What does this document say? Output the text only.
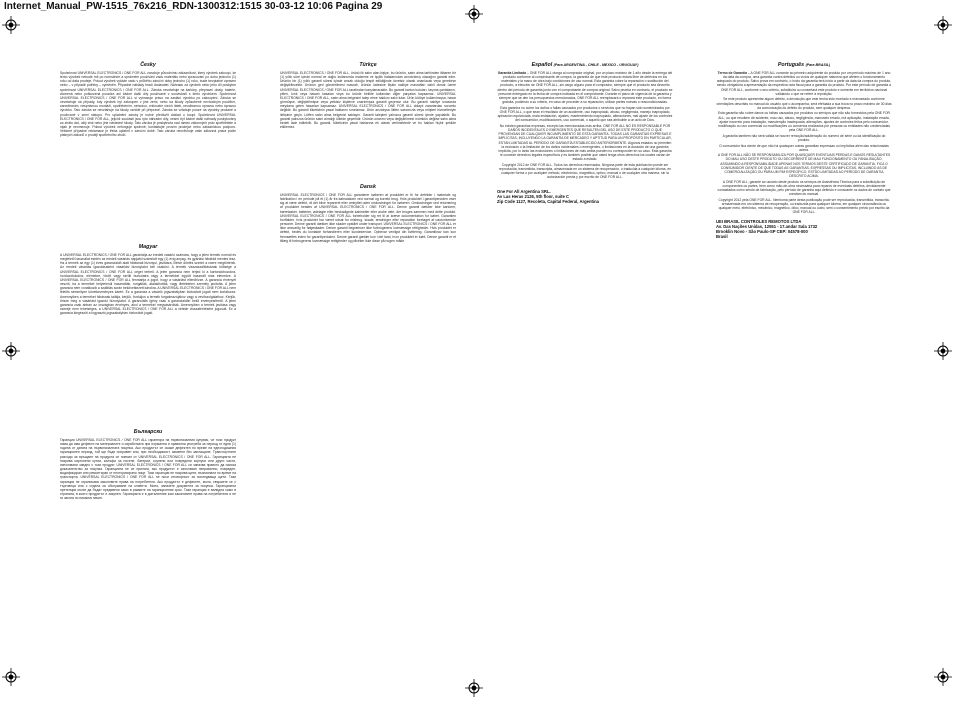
Internet_Manual_PW-1515_76x216_RDN-1300312:1515 30-03-12 10:06 Pagina 29
Česky

Společnost UNIVERSAL ELECTRONICS / ONE FOR ALL zaručuje původnímu zákazníkovi, který výrobek zakoupí, že tento výrobek nebude mít po normálním a správném používání vadu materiálu nebo zpracování po dobu jednoho (1) roku od data prodeje. Pokud výrobek vykáže vadu v průběhu záruční doby jednoho (1) roku, bude bezplatně opraven nebo – v případě potřeby – vyměněn. Případné náklady hradí dodavatel. Náhradu za výrobek nebo jeho díl poskytne společnost UNIVERSAL ELECTRONICS / ONE FOR ALL. Záruka nevztahuje na kartóny, přepravní obaly, baterie, zlomená nebo poškozená pouzdra ani žádné další díly používané v souvislosti s tímto výrobkem. Společnost UNIVERSAL ELECTRONICS / ONE FOR ALL si vyhrazuje právo na zaslání výrobku po zakoupení. Záruka se nevztahuje na případy, kdy výrobek byl zakoupen v jiné zemi, nebo na škody způsobené nevhodným použitím, zanedbáním, nesprávnou montáží, opotřebením, nehodou, vniknutím cizích látek, neodbornou opravou nebo úpravou výrobku. Tato záruka se nevztahuje na škody vzniklé při přepravě. Záruka se vztahuje pouze na výrobky prodané a používané v zemi nákupu. Pro uplatnění záruky je nutné předložit doklad o koupi. Společnost UNIVERSAL ELECTRONICS / ONE FOR ALL, jejichž součástí jsou tyto náhradní díly, nesmí být žádné další náhrady poskytovány za ztrátu dat, ušlý zisk nebo jiné následné škody. Tato záruka je poskytnuta nad rámec zákonných práv spotřebitele a nijak je neomezuje. Pokud výrobek nefunguje správně, kontaktujte prosím prodejce nebo zákaznickou podporu. Veškeré případné reklamace je třeba uplatnit v záruční době. Tato záruka neovlivňuje vaše zákonná práva podle platných zákonů o prodeji spotřebního zboží.

Magyar

A UNIVERSAL ELECTRONICS / ONE FOR ALL garantálja az eredeti vásárló számára, hogy a jelen termék normál és megfelelő használat esetén az eredeti vásárlás napjától számított egy (1) évig anyag- és gyártási hibáktól mentes lesz. Ha a termék az egy (1) éves garanciaidő alatt hibásnak bizonyul, javításra, illetve döntés szerint a csere megtörténik. Az eredeti vásárlás igazolásaként vásárlási bizonylatot kell csatolni. A termék visszaszállításának költsége a UNIVERSAL ELECTRONICS / ONE FOR ALL céget terheli. A jelen garancia nem terjed ki a kartondobozokra, hordozótokokra, elemekre, törött vagy sérült burkolatra vagy a termékkel együtt használt más elemekre. A UNIVERSAL ELECTRONICS / ONE FOR ALL fenntartja a jogot, hogy a vásárlást ellenőrizze. A garancia érvényét veszíti, ha a terméket helytelenül használták, rongálták, átalakították, vagy illetéktelen személy javította. A jelen garancia nem vonatkozik a szállítás során bekövetkezett károkra. A UNIVERSAL ELECTRONICS / ONE FOR ALL nem felelős semmilyen következményes kárért. Ez a garancia a vásárló jogszabályban biztosított jogait nem korlátozza. Amennyiben a terméket hibásnak találja, kérjük, forduljon a termék forgalmazójához vagy a vevőszolgálathoz. Kérjük, őrizze meg a vásárlást igazoló bizonylatot. A garanciális igény csak a garanciaidőn belül érvényesíthető. A jelen garancia csak abban az országban érvényes, ahol a terméket megvásárolták. Amennyiben a termék javítása vagy cseréje nem lehetséges, a UNIVERSAL ELECTRONICS / ONE FOR ALL a vételár visszatérítésére jogosult. Ez a garancia kiegészíti a fogyasztó jogszabályban biztosított jogait.

Български

Гаранция UNIVERSAL ELECTRONICS / ONE FOR ALL гарантира на първоначалния купувач, че този продукт няма да има дефекти на материалите и изработката при нормална и правилна употреба за период от една (1) година от датата на първоначалната покупка. Ако продуктът се окаже дефектен по време на едногодишния гаранционен период, той ще бъде поправен или, при необходимост, заменен без заплащане. Транспортните разходи за връщане на продукта се поемат от UNIVERSAL ELECTRONICS / ONE FOR ALL. Гаранцията не покрива картонени кутии, калъфи за носене, батерии, счупени или повредени корпуси или други части, използвани заедно с този продукт. UNIVERSAL ELECTRONICS / ONE FOR ALL си запазва правото да изиска доказателство за покупка. Гаранцията не се прилага, ако продуктът е използван неправилно, повреден, модифициран или ремонтиран от неоторизирано лице. Тази гаранция не покрива щети, възникнали по време на транспорта. UNIVERSAL ELECTRONICS / ONE FOR ALL не носи отговорност за последващи щети. Тази гаранция не ограничава законовите права на потребителя. Ако продуктът е дефектен, моля, свържете се с търговеца или с отдела за обслужване на клиенти. Моля, запазете документа за покупка. Гаранционни претенции могат да бъдат предявени само в рамките на гаранционния срок. Тази гаранция е валидна само в страната, в която продуктът е закупен. Гаранцията е в допълнение към законовите права на потребителя и не ги засяга по никакъв начин.

Türkçe

UNIVERSAL ELECTRONICS / ONE FOR ALL, ürünü ilk satın alan kişiye, bu ürünün, satın alma tarihinden itibaren bir (1) yıllık süre içinde normal ve doğru kullanımda malzeme ve işçilik hatalarından arındırılmış olacağını garanti eder. Ürünün bir (1) yıllık garanti süresi içinde arızalı olduğu tespit edildiğinde ücretsiz olarak onarılacak veya gerekirse değiştirilecektir. Ürünün geri gönderilmesi masrafı, ürünün iadesine ilişkin nakliye masrafları dahil olmak üzere UNIVERSAL ELECTRONICS / ONE FOR ALL tarafından karşılanacaktır. Bu garanti karton kutuları, taşıma çantalarını, pilleri, kırık veya hasarlı kasaları veya bu ürünle birlikte kullanılan diğer parçaları kapsamaz. UNIVERSAL ELECTRONICS / ONE FOR ALL, satın alma belgesini talep etme hakkını saklı tutar. Ürün kötüye kullanılmışsa, hasar görmüşse, değiştirilmişse veya yetkisiz kişilerce onarılmışsa garanti geçersiz olur. Bu garanti nakliye sırasında meydana gelen hasarları kapsamaz. UNIVERSAL ELECTRONICS / ONE FOR ALL dolaylı zararlardan sorumlu değildir. Bu garanti tüketicinin yasal haklarını sınırlamaz. Ürün arızalıysa lütfen satıcınızla veya müşteri hizmetleriyle iletişime geçin. Lütfen satın alma belgenizi saklayın. Garanti talepleri yalnızca garanti süresi içinde yapılabilir. Bu garanti yalnızca ürünün satın alındığı ülkede geçerlidir. Ürünün onarımı veya değiştirilmesi mümkün değilse satın alma bedeli iade edilebilir. Bu garanti, tüketicinin yasal haklarına ek olarak verilmektedir ve bu hakları hiçbir şekilde etkilemez.

Dansk

UNIVERSAL ELECTRONICS / ONE FOR ALL garanterer køberen at produktet er fri for defekter i materiale og fabrikation i en periode på ét (1) år fra købsdatoen ved normal og korrekt brug. Hvis produktet i garantiperioden viser sig at være defekt, vil det blive repareret eller ombyttet uden omkostninger for køberen. Omkostninger ved returnering af produktet betales af UNIVERSAL ELECTRONICS / ONE FOR ALL. Denne garanti dækker ikke kartoner, bæretasker, batterier, ødelagte eller beskadigede kabinetter eller andre dele, der bruges sammen med dette produkt. UNIVERSAL ELECTRONICS / ONE FOR ALL forbeholder sig ret til at kræve dokumentation for købet. Garantien bortfalder, hvis produktet har været udsat for misbrug, skade, ændringer eller reparation foretaget af uautoriserede personer. Denne garanti dækker ikke skader opstået under transport. UNIVERSAL ELECTRONICS / ONE FOR ALL er ikke ansvarlig for følgeskader. Denne garanti begrænser ikke forbrugerens lovmæssige rettigheder. Hvis produktet er defekt, bedes du kontakte forhandleren eller kundeservice. Opbevar venligst din kvittering. Garantikrav kan kun fremsættes inden for garantiperioden. Denne garanti gælder kun i det land, hvor produktet er købt. Denne garanti er et tillæg til forbrugerens lovmæssige rettigheder og påvirker ikke disse på nogen måde.

Español (Para ARGENTINA - CHILE - MEXICO - URUGUAY)

Garantía Limitada – ONE FOR ALL otorga al comprador original, por un plazo máximo de 1 año desde la entrega del producto conforme al comprobante de compra, la garantía de que este producto estará libre de defectos en los materiales y la mano de obra bajo condiciones de uso normal. Esta garantía cubre la reparación o sustitución del producto, a elección de ONE FOR ALL, sin cargo alguno para el comprador, siempre que el producto sea devuelto dentro del período de garantía junto con el comprobante de compra original. Salvo prueba en contrario, el producto se presume entregado en la fecha de compra indicada en el comprobante. Durante el plazo de vigencia de la garantía y siempre que se den los presupuestos mencionados, ONE FOR ALL reemplazará o reparará este producto, en forma gratuita, pudiendo a su criterio, en caso de proceder a su reparación, utilizar partes nuevas o reacondicionadas.

Esta garantía no cubre los daños o fallas causados por productos o servicios que no hayan sido suministrados por ONE FOR ALL, o que sean el resultado de un accidente, uso inapropiado, abuso, negligencia, manejo inapropiado, aplicación equivocada, mala instalación, ajustes, mantenimiento inapropiado, alteraciones, mal ajuste de los controles del consumidor, modificaciones, uso comercial, o aquello que sea atribuible a un acto de Dios.

No existen garantías expresas, excepto las mencionadas más arriba. ONE FOR ALL NO ES RESPONSABLE POR DAÑOS INCIDENTALES O EMERGENTES QUE RESULTEN DEL USO DE ESTE PRODUCTO O QUE PROVENGAN DE CUALQUIER INCUMPLIMIENTO DE ESTA GARANTÍA. TODAS LAS GARANTÍAS EXPRESAS E IMPLÍCITAS, INCLUYENDO LA GARANTÍA DE MERCADEO Y APTITUD PARA UN PROPÓSITO EN PARTICULAR, ESTÁN LIMITADAS AL PERÍODO DE GARANTÍA ESTABLECIDO ANTERIORMENTE. Algunos estados no permiten la exclusión o la limitación de los daños incidentales o emergentes, o limitaciones en la duración de una garantía implícita, por lo tanto las exclusiones o limitaciones de más arriba pueden no corresponder en su caso. Esta garantía le concede derechos legales específicos y es también posible que usted tenga otros derechos los cuales varían de estado a estado.

Copyright 2012 de ONE FOR ALL. Todos los derechos reservados. Ninguna parte de esta publicación puede ser reproducida, transmitida, transcripta, almacenada en un sistema de recuperación, o traducida a cualquier idioma, en cualquier forma o por cualquier método, electrónico, magnético, óptico, manual o de cualquier otra manera, sin la autorización previa y por escrito de ONE FOR ALL.

One For All Argentina SRL.
Av Las Heras 2126, 5th floor, suite C
Zip Code 1127, Recoleta, Capital Federal, Argentina
Português (Para BRASIL)

Termo de Garantia – A ONE FOR ALL concede ao primeiro adquirente do produto por um período máximo de 1 ano da data da compra, uma garantia contra defeitos ou vícios de qualquer natureza que afetem o funcionamento adequado do produto. Salvo prova em contrário, o início da garantia terá início a partir da data da compra do produto, sendo obrigatória a apresentação da respectiva nota fiscal para a garantia do produto. Por este período de garantia a ONE FOR ALL, conforme o seu critério, substituirá ou consertará este produto e somente em territórios nacional validando o que se refere à reposição.

Se este produto apresentar algum defeito, a devolução que este tenha sido montado e manuseado conforme orientações descritas no manual do usuário que o acompanha, será efetuada a sua troca no prazo máximo de 30 dias da comunicação do defeito do produto, sem qualquer despesa.

Esta garantia não cobre danos ou falhas causados por produtos ou serviços que não são fornecidos pela ONE FOR ALL, ou que resultem de acidente, mau uso, abuso, negligência, manuseio errado, má aplicação, instalação errada, ajuste incorreto para instalação, manutenção inadequada, alterações, ajustes de controles feitos pelo consumidor, modificação ou uso comercial ou modificações ou consertos realizados por pessoas ou entidades não credenciadas pela ONE FOR ALL.

A garantia também não será válida se houver remoção/adulteração do número de série ou da identificação do produto.

O consumidor fica ciente de que não há quaisquer outras garantias expressas ou implícitas além das relacionadas acima.

A ONE FOR ALL NÃO SE RESPONSABILIZA POR QUAISQUER EVENTUAIS PERDAS E DANOS RESULTANTES DO MAU USO DESTE PRODUTO OU DECORRENTE DE MAU FUNCIONAMENTO OU FANALISAÇÃO, ASSUMINDO A RESPONSABILIDADE APENAS NOS TERMOS DESTE CERTIFICADO DE GARANTIA. FICA O CONSUMIDOR CIENTE DE QUE TODAS AS GARANTIAS, EXPRESSAS OU IMPLÍCITAS, INCLUINDO AS DE COMERCIALIZAÇÃO OU PARA UM FIM ESPECÍFICO, ESTÃO LIMITADAS AO PERÍODO DE GARANTIA DESCRITO ACIMA.

A ONE FOR ALL, garante ao usuário deste produto os serviços de Assistência Técnica para a substituição de componentes ou partes, bem como mão-de-obra necessária para reparos de eventuais defeitos, devidamente constatados como sendo de fabricação, pelo período de garantia aqui definido e consoante os dados de contato que constam do manual.

Copyright 2012 pela ONE FOR ALL. Nenhuma parte desta publicação pode ser reproduzida, transmitida, transcrita, armazenada em um sistema de recuperação, ou traduzida para qualquer idioma, em qualquer circunstância ou qualquer meio, eletrônico, mecânico, magnético, ótico, manual ou outro, sem o consentimento prévio por escrito da ONE FOR ALL.

UEI BRASIL CONTROLES REMOTOS LTDA
Av. Das Nações Unidas, 12551 - 17.andar Sala 1732
Brooklin Novo - São Paulo-SP CEP: 04578-000
Brasil
